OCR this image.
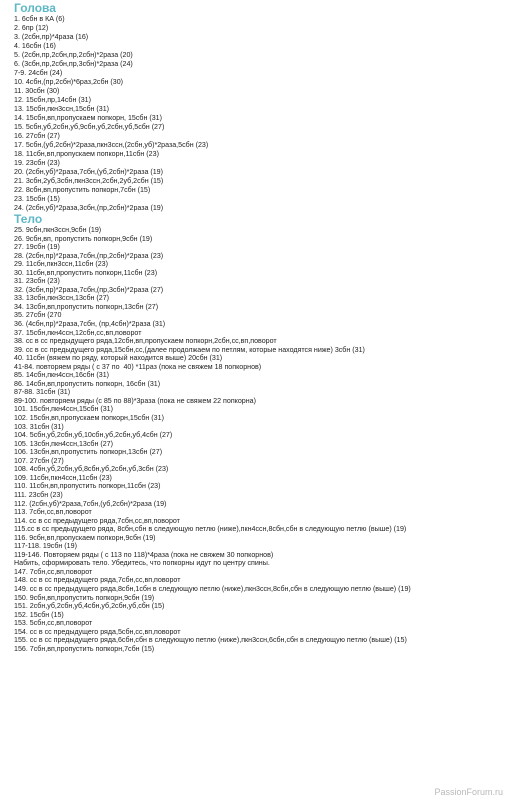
Голова
1. 6сбн в КА (6)
2. 6пр (12)
3. (2сбн,пр)*4раза (16)
4. 16сбн (16)
5. (2сбн,пр,2сбн,пр,2сбн)*2раза (20)
6. (3сбн,пр,2сбн,пр,3сбн)*2раза (24)
7-9. 24сбн (24)
10. 4сбн,(пр,2сбн)*6раз,2сбн (30)
11. 30сбн (30)
12. 15сбн,пр,14сбн (31)
13. 15сбн,пкн3ссн,15сбн (31)
14. 15сбн,вп,пропускаем попкорн, 15сбн (31)
15. 5сбн,уб,2сбн,уб,9сбн,уб,2сбн,уб,5сбн (27)
16. 27сбн (27)
17. 5сбн,(уб,2сбн)*2раза,пкн3ссн,(2сбн,уб)*2раза,5сбн (23)
18. 11сбн,вп,пропускаем попкорн,11сбн (23)
19. 23сбн (23)
20. (2сбн,уб)*2раза,7сбн,(уб,2сбн)*2раза (19)
21. 3сбн,2уб,3сбн,пкн3ссн,2сбн,2уб,2сбн (15)
22. 8сбн,вп,пропустить попкорн,7сбн (15)
23. 15сбн (15)
24. (2сбн,уб)*2раза,3сбн,(пр,2сбн)*2раза (19)
Тело
25. 9сбн,пкн3ссн,9сбн (19)
26. 9сбн,вп, пропустить попкорн,9сбн (19)
27. 19сбн (19)
28. (2сбн,пр)*2раза,7сбн,(пр,2сбн)*2раза (23)
29. 11сбн,пкн3ссн,11сбн (23)
30. 11сбн,вп,пропустить попкорн,11сбн (23)
31. 23сбн (23)
32. (3сбн,пр)*2раза,7сбн,(пр,3сбн)*2раза (27)
33. 13сбн,пкн3ссн,13сбн (27)
34. 13сбн,вп,пропустить попкорн,13сбн (27)
35. 27сбн (270
36. (4сбн,пр)*2раза,7сбн, (пр,4сбн)*2раза (31)
37. 15сбн,пкн4ссн,12сбн,сс,вп,поворот
38. сс в сс предыдущего ряда,12сбн,вп,пропускаем попкорн,2сбн,сс,вп,поворот
39. сс в сс предыдущего ряда,15сбн,сс,(далее продолжаем по петлям, которые находятся ниже) 3сбн (31)
40. 11сбн (вяжем по ряду, который находится выше) 20сбн (31)
41-84. повторяем ряды ( с 37 по  40) *11раз (пока не свяжем 18 попкорнов)
85. 14сбн,пкн4ссн,16сбн (31)
86. 14сбн,вп,пропустить попкорн, 16сбн (31)
87-88. 31сбн (31)
89-100. повторяем ряды (с 85 по 88)*3раза (пока не свяжем 22 попкорна)
101. 15сбн,пкн4ссн,15сбн (31)
102. 15сбн,вп,пропускаем попкорн,15сбн (31)
103. 31сбн (31)
104. 5сбн,уб,2сбн,уб,10сбн,уб,2сбн,уб,4сбн (27)
105. 13сбн,пкн4ссн,13сбн (27)
106. 13сбн,вп,пропустить попкорн,13сбн (27)
107. 27сбн (27)
108. 4сбн,уб,2сбн,уб,8сбн,уб,2сбн,уб,3сбн (23)
109. 11сбн,пкн4ссн,11сбн (23)
110. 11сбн,вп,пропустить попкорн,11сбн (23)
111. 23сбн (23)
112. (2сбн,уб)*2раза,7сбн,(уб,2сбн)*2раза (19)
113. 7сбн,сс,вп,поворот
114. сс в сс предыдущего ряда,7сбн,сс,вп,поворот
115.сс в сс предыдущего ряда, 8сбн,сбн в следующую петлю (ниже),пкн4ссн,8сбн,сбн в следующую петлю (выше) (19)
116. 9сбн,вп,пропускаем попкорн,9сбн (19)
117-118. 19сбн (19)
119-146. Повторяем ряды ( с 113 по 118)*4раза (пока не свяжем 30 попкорнов)
Набить, сформировать тело. Убедитесь, что попкорны идут по центру спины.
147. 7сбн,сс,вп,поворот
148. сс в сс предыдущего ряда,7сбн,сс,вп,поворот
149. сс в сс предыдущего ряда,8сбн,1сбн в следующую петлю (ниже),пкн3ссн,8сбн,сбн в следующую петлю (выше) (19)
150. 9сбн,вп,пропустить попкорн,9сбн (19)
151. 2сбн,уб,2сбн,уб,4сбн,уб,2сбн,уб,сбн (15)
152. 15сбн (15)
153. 5сбн,сс,вп,поворот
154. сс в сс предыдущего ряда,5сбн,сс,вп,поворот
155. сс в сс предыдущего ряда,6сбн,сбн в следующую петлю (ниже),пкн3ссн,6сбн,сбн в следующую петлю (выше) (15)
156. 7сбн,вп,пропустить попкорн,7сбн (15)
PassionForum.ru
